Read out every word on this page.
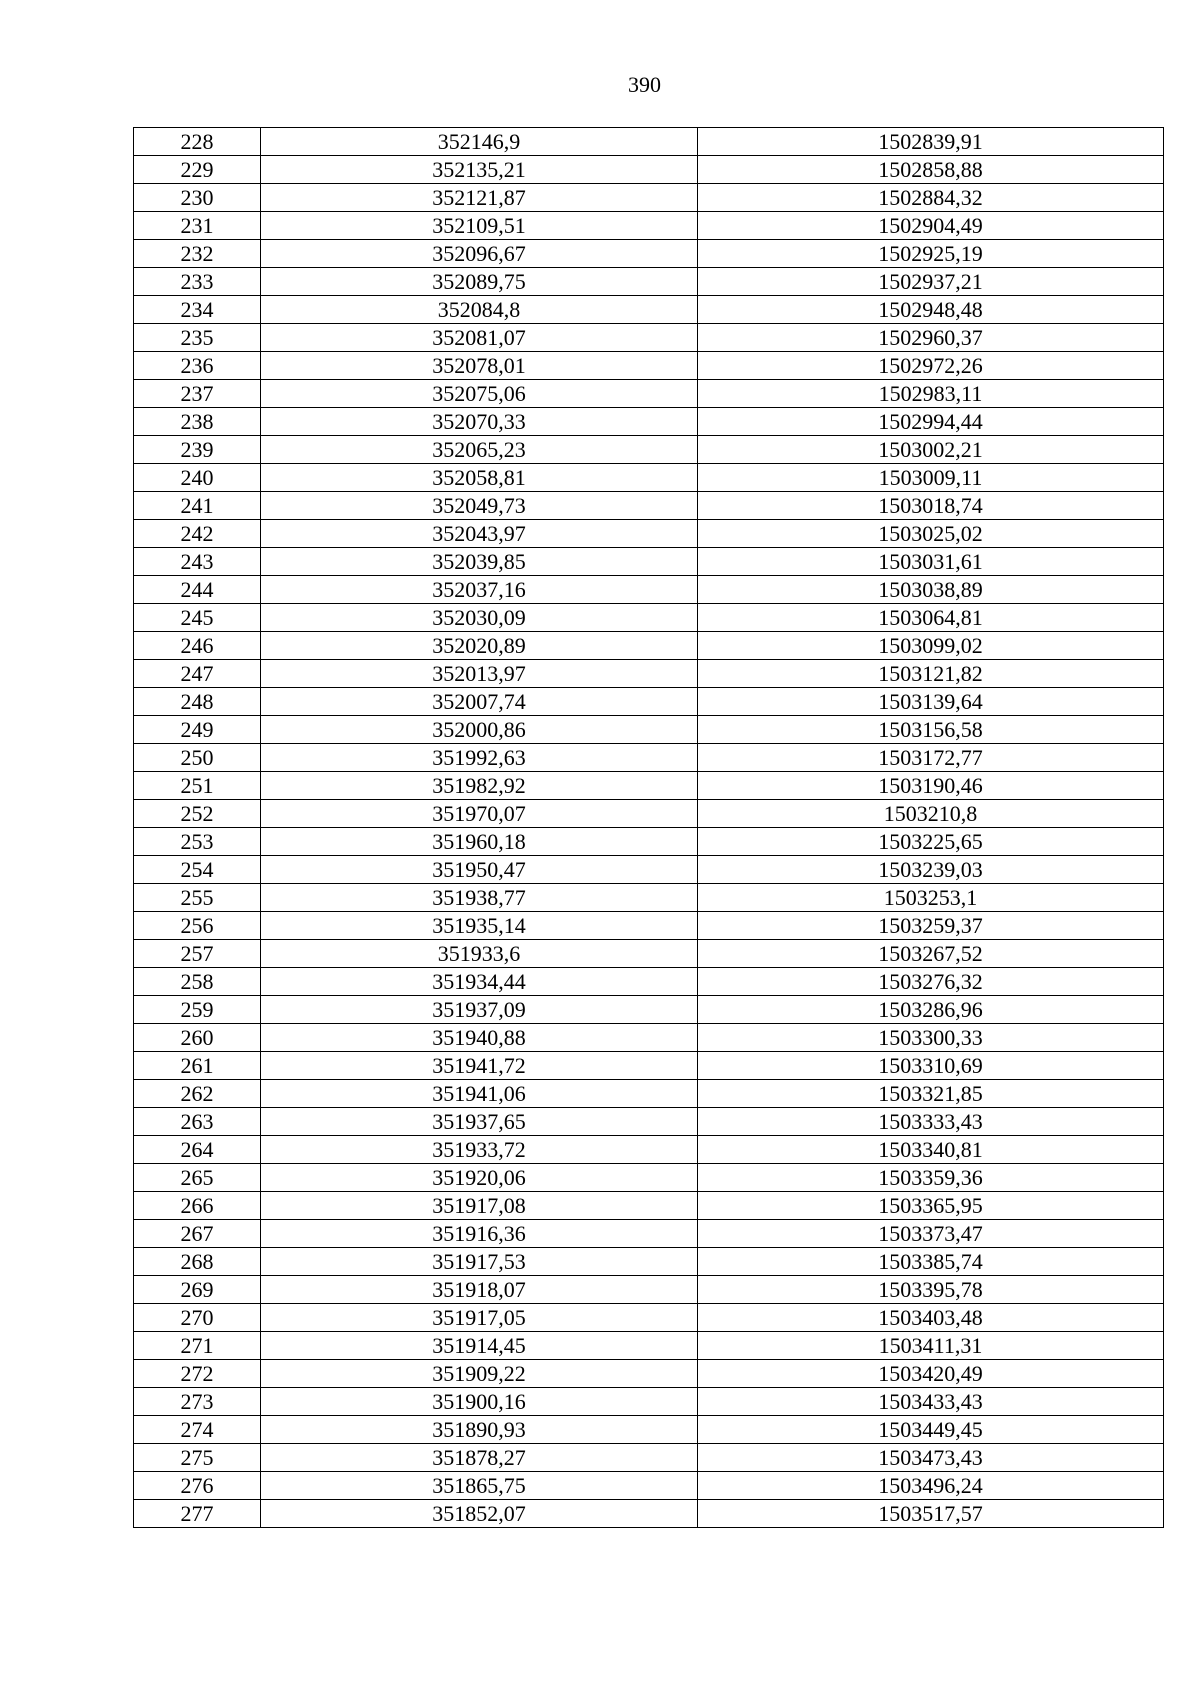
390
228	352146,9	1502839,91
229	352135,21	1502858,88
230	352121,87	1502884,32
231	352109,51	1502904,49
232	352096,67	1502925,19
233	352089,75	1502937,21
234	352084,8	1502948,48
235	352081,07	1502960,37
236	352078,01	1502972,26
237	352075,06	1502983,11
238	352070,33	1502994,44
239	352065,23	1503002,21
240	352058,81	1503009,11
241	352049,73	1503018,74
242	352043,97	1503025,02
243	352039,85	1503031,61
244	352037,16	1503038,89
245	352030,09	1503064,81
246	352020,89	1503099,02
247	352013,97	1503121,82
248	352007,74	1503139,64
249	352000,86	1503156,58
250	351992,63	1503172,77
251	351982,92	1503190,46
252	351970,07	1503210,8
253	351960,18	1503225,65
254	351950,47	1503239,03
255	351938,77	1503253,1
256	351935,14	1503259,37
257	351933,6	1503267,52
258	351934,44	1503276,32
259	351937,09	1503286,96
260	351940,88	1503300,33
261	351941,72	1503310,69
262	351941,06	1503321,85
263	351937,65	1503333,43
264	351933,72	1503340,81
265	351920,06	1503359,36
266	351917,08	1503365,95
267	351916,36	1503373,47
268	351917,53	1503385,74
269	351918,07	1503395,78
270	351917,05	1503403,48
271	351914,45	1503411,31
272	351909,22	1503420,49
273	351900,16	1503433,43
274	351890,93	1503449,45
275	351878,27	1503473,43
276	351865,75	1503496,24
277	351852,07	1503517,57
